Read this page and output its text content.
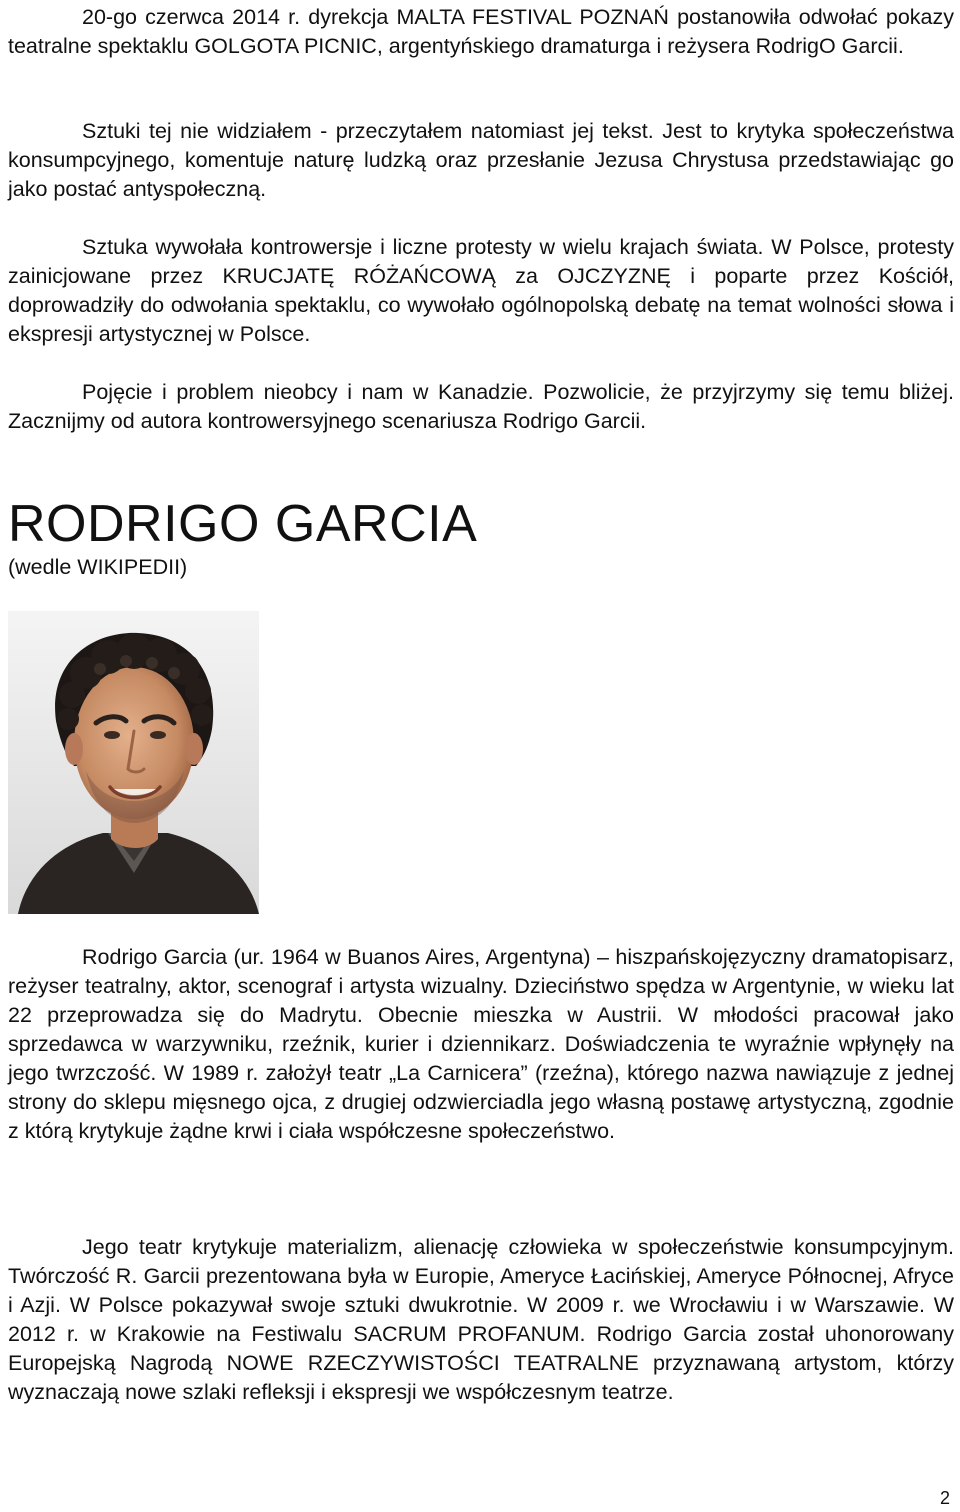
20-go czerwca 2014 r. dyrekcja MALTA FESTIVAL POZNAŃ postanowiła odwołać pokazy teatralne spektaklu GOLGOTA PICNIC, argentyńskiego dramaturga i reżysera RodrigO Garcii.

Sztuki tej nie widziałem - przeczytałem natomiast jej tekst. Jest to krytyka społeczeństwa konsumpcyjnego, komentuje naturę ludzką oraz przesłanie Jezusa Chrystusa przedstawiając go jako postać antyspołeczną.

Sztuka wywołała kontrowersje i liczne protesty w wielu krajach świata. W Polsce, protesty zainicjowane przez KRUCJATĘ RÓŻAŃCOWĄ za OJCZYZNĘ i poparte przez Kościół, doprowadziły do odwołania spektaklu, co wywołało ogólnopolską debatę na temat wolności słowa i ekspresji artystycznej w Polsce.

Pojęcie i problem nieobcy i nam w Kanadzie. Pozwolicie, że przyjrzymy się temu bliżej. Zacznijmy od autora kontrowersyjnego scenariusza Rodrigo Garcii.

RODRIGO GARCIA
(wedle WIKIPEDII)

Rodrigo Garcia (ur. 1964 w Buanos Aires, Argentyna) – hiszpańskojęzyczny dramatopisarz, reżyser teatralny, aktor, scenograf i artysta wizualny. Dzieciństwo spędza w Argentynie, w wieku lat 22 przeprowadza się do Madrytu. Obecnie mieszka w Austrii. W młodości pracował jako sprzedawca w warzywniku, rzeźnik, kurier i dziennikarz. Doświadczenia te wyraźnie wpłynęły na jego twrzczość. W 1989 r. założył teatr „La Carnicera” (rzeźna), którego nazwa nawiązuje z jednej strony do sklepu mięsnego ojca, z drugiej odzwierciadla jego własną postawę artystyczną, zgodnie z którą krytykuje żądne krwi i ciała współczesne społeczeństwo.

Jego teatr krytykuje materializm, alienację człowieka w społeczeństwie konsumpcyjnym. Twórczość R. Garcii prezentowana była w Europie, Ameryce Łacińskiej, Ameryce Północnej, Afryce i Azji. W Polsce pokazywał swoje sztuki dwukrotnie. W 2009 r. we Wrocławiu i w Warszawie. W 2012 r. w Krakowie na Festiwalu SACRUM PROFANUM. Rodrigo Garcia został uhonorowany Europejską Nagrodą NOWE RZECZYWISTOŚCI TEATRALNE przyznawaną artystom, którzy wyznaczają nowe szlaki refleksji i ekspresji we współczesnym teatrze.

2
